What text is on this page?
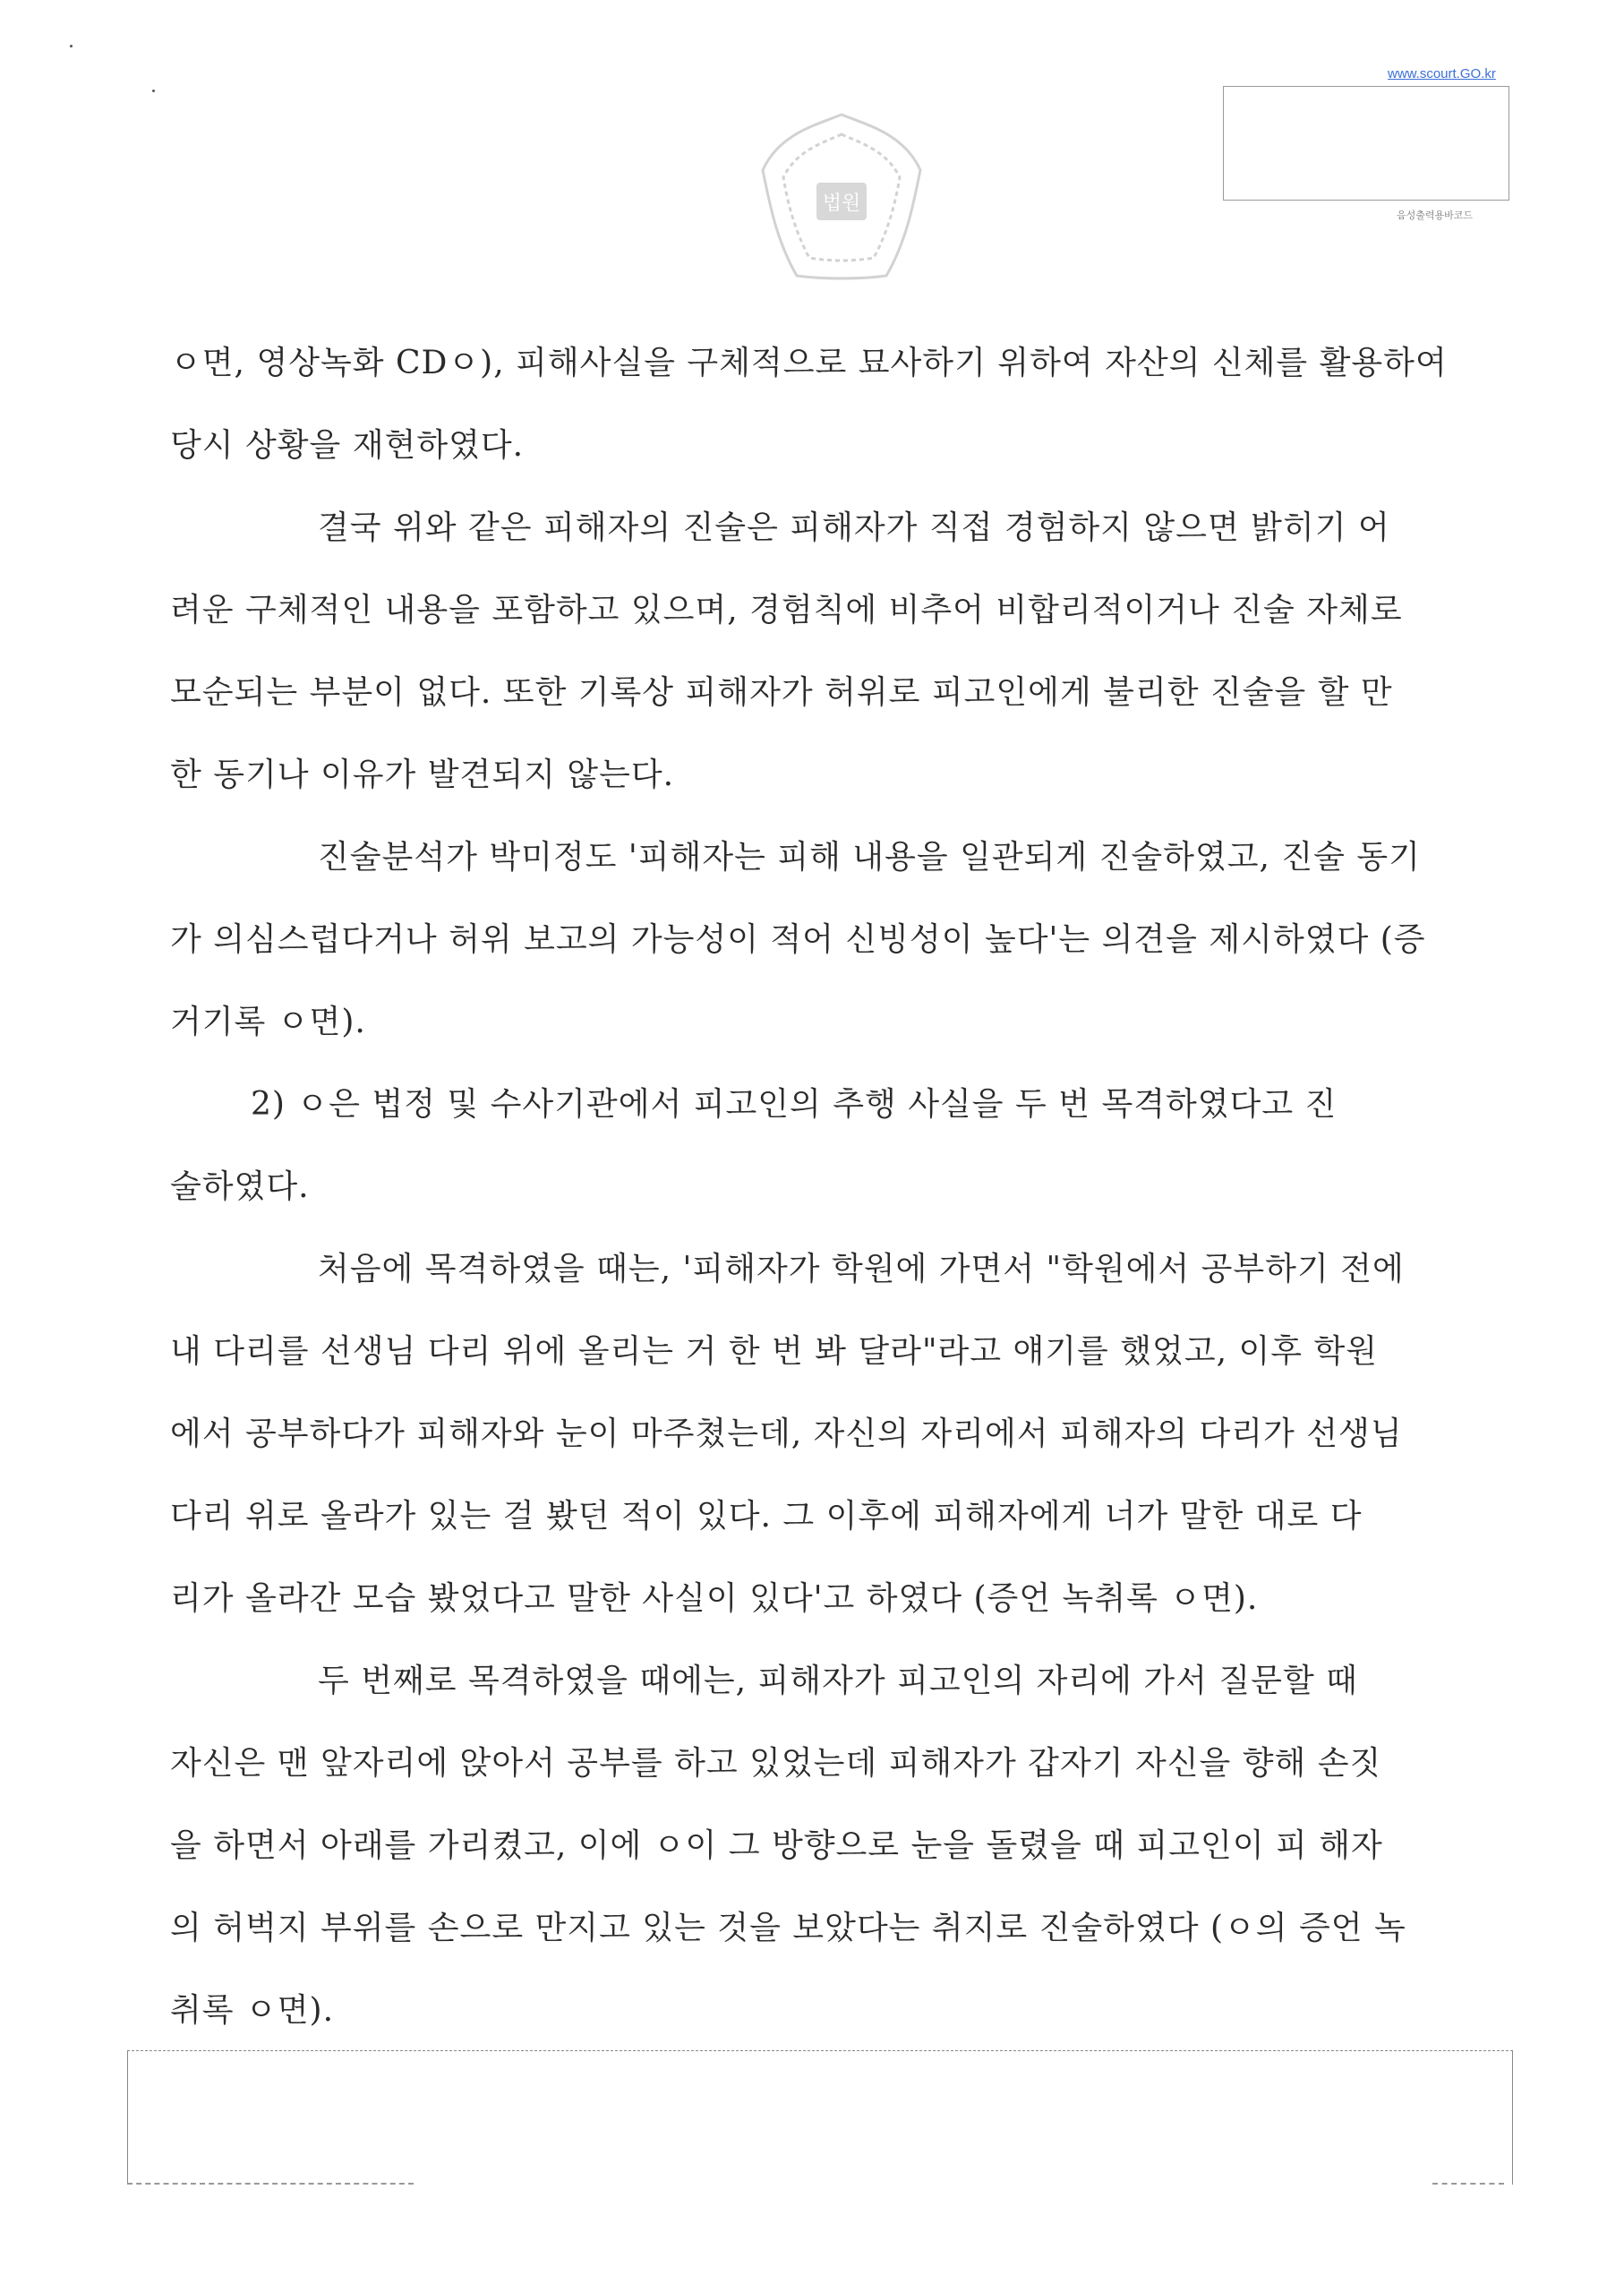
법원
www.scourt.GO.kr
음성출력용바코드
ㅇ면, 영상녹화 CDㅇ), 피해사실을 구체적으로 묘사하기 위하여 자산의 신체를 활용하여
당시 상황을 재현하였다.
결국 위와 같은 피해자의 진술은 피해자가 직접 경험하지 않으면 밝히기 어
려운 구체적인 내용을 포함하고 있으며, 경험칙에 비추어 비합리적이거나 진술 자체로
모순되는 부분이 없다. 또한 기록상 피해자가 허위로 피고인에게 불리한 진술을 할 만
한 동기나 이유가 발견되지 않는다.
진술분석가 박미정도 '피해자는 피해 내용을 일관되게 진술하였고, 진술 동기
가 의심스럽다거나 허위 보고의 가능성이 적어 신빙성이 높다'는 의견을 제시하였다 (증
거기록 ㅇ면).
2) ㅇ은 법정 및 수사기관에서 피고인의 추행 사실을 두 번 목격하였다고 진
술하였다.
처음에 목격하였을 때는, '피해자가 학원에 가면서 "학원에서 공부하기 전에
내 다리를 선생님 다리 위에 올리는 거 한 번 봐 달라"라고 얘기를 했었고, 이후 학원
에서 공부하다가 피해자와 눈이 마주쳤는데, 자신의 자리에서 피해자의 다리가 선생님
다리 위로 올라가 있는 걸 봤던 적이 있다. 그 이후에 피해자에게 너가 말한 대로 다
리가 올라간 모습 봤었다고 말한 사실이 있다'고 하였다 (증언 녹취록 ㅇ면).
두 번째로 목격하였을 때에는, 피해자가 피고인의 자리에 가서 질문할 때
자신은 맨 앞자리에 앉아서 공부를 하고 있었는데 피해자가 갑자기 자신을 향해 손짓
을 하면서 아래를 가리켰고, 이에 ㅇ이 그 방향으로 눈을 돌렸을 때 피고인이 피 해자
의 허벅지 부위를 손으로 만지고 있는 것을 보았다는 취지로 진술하였다 (ㅇ의 증언 녹
취록 ㅇ면).
